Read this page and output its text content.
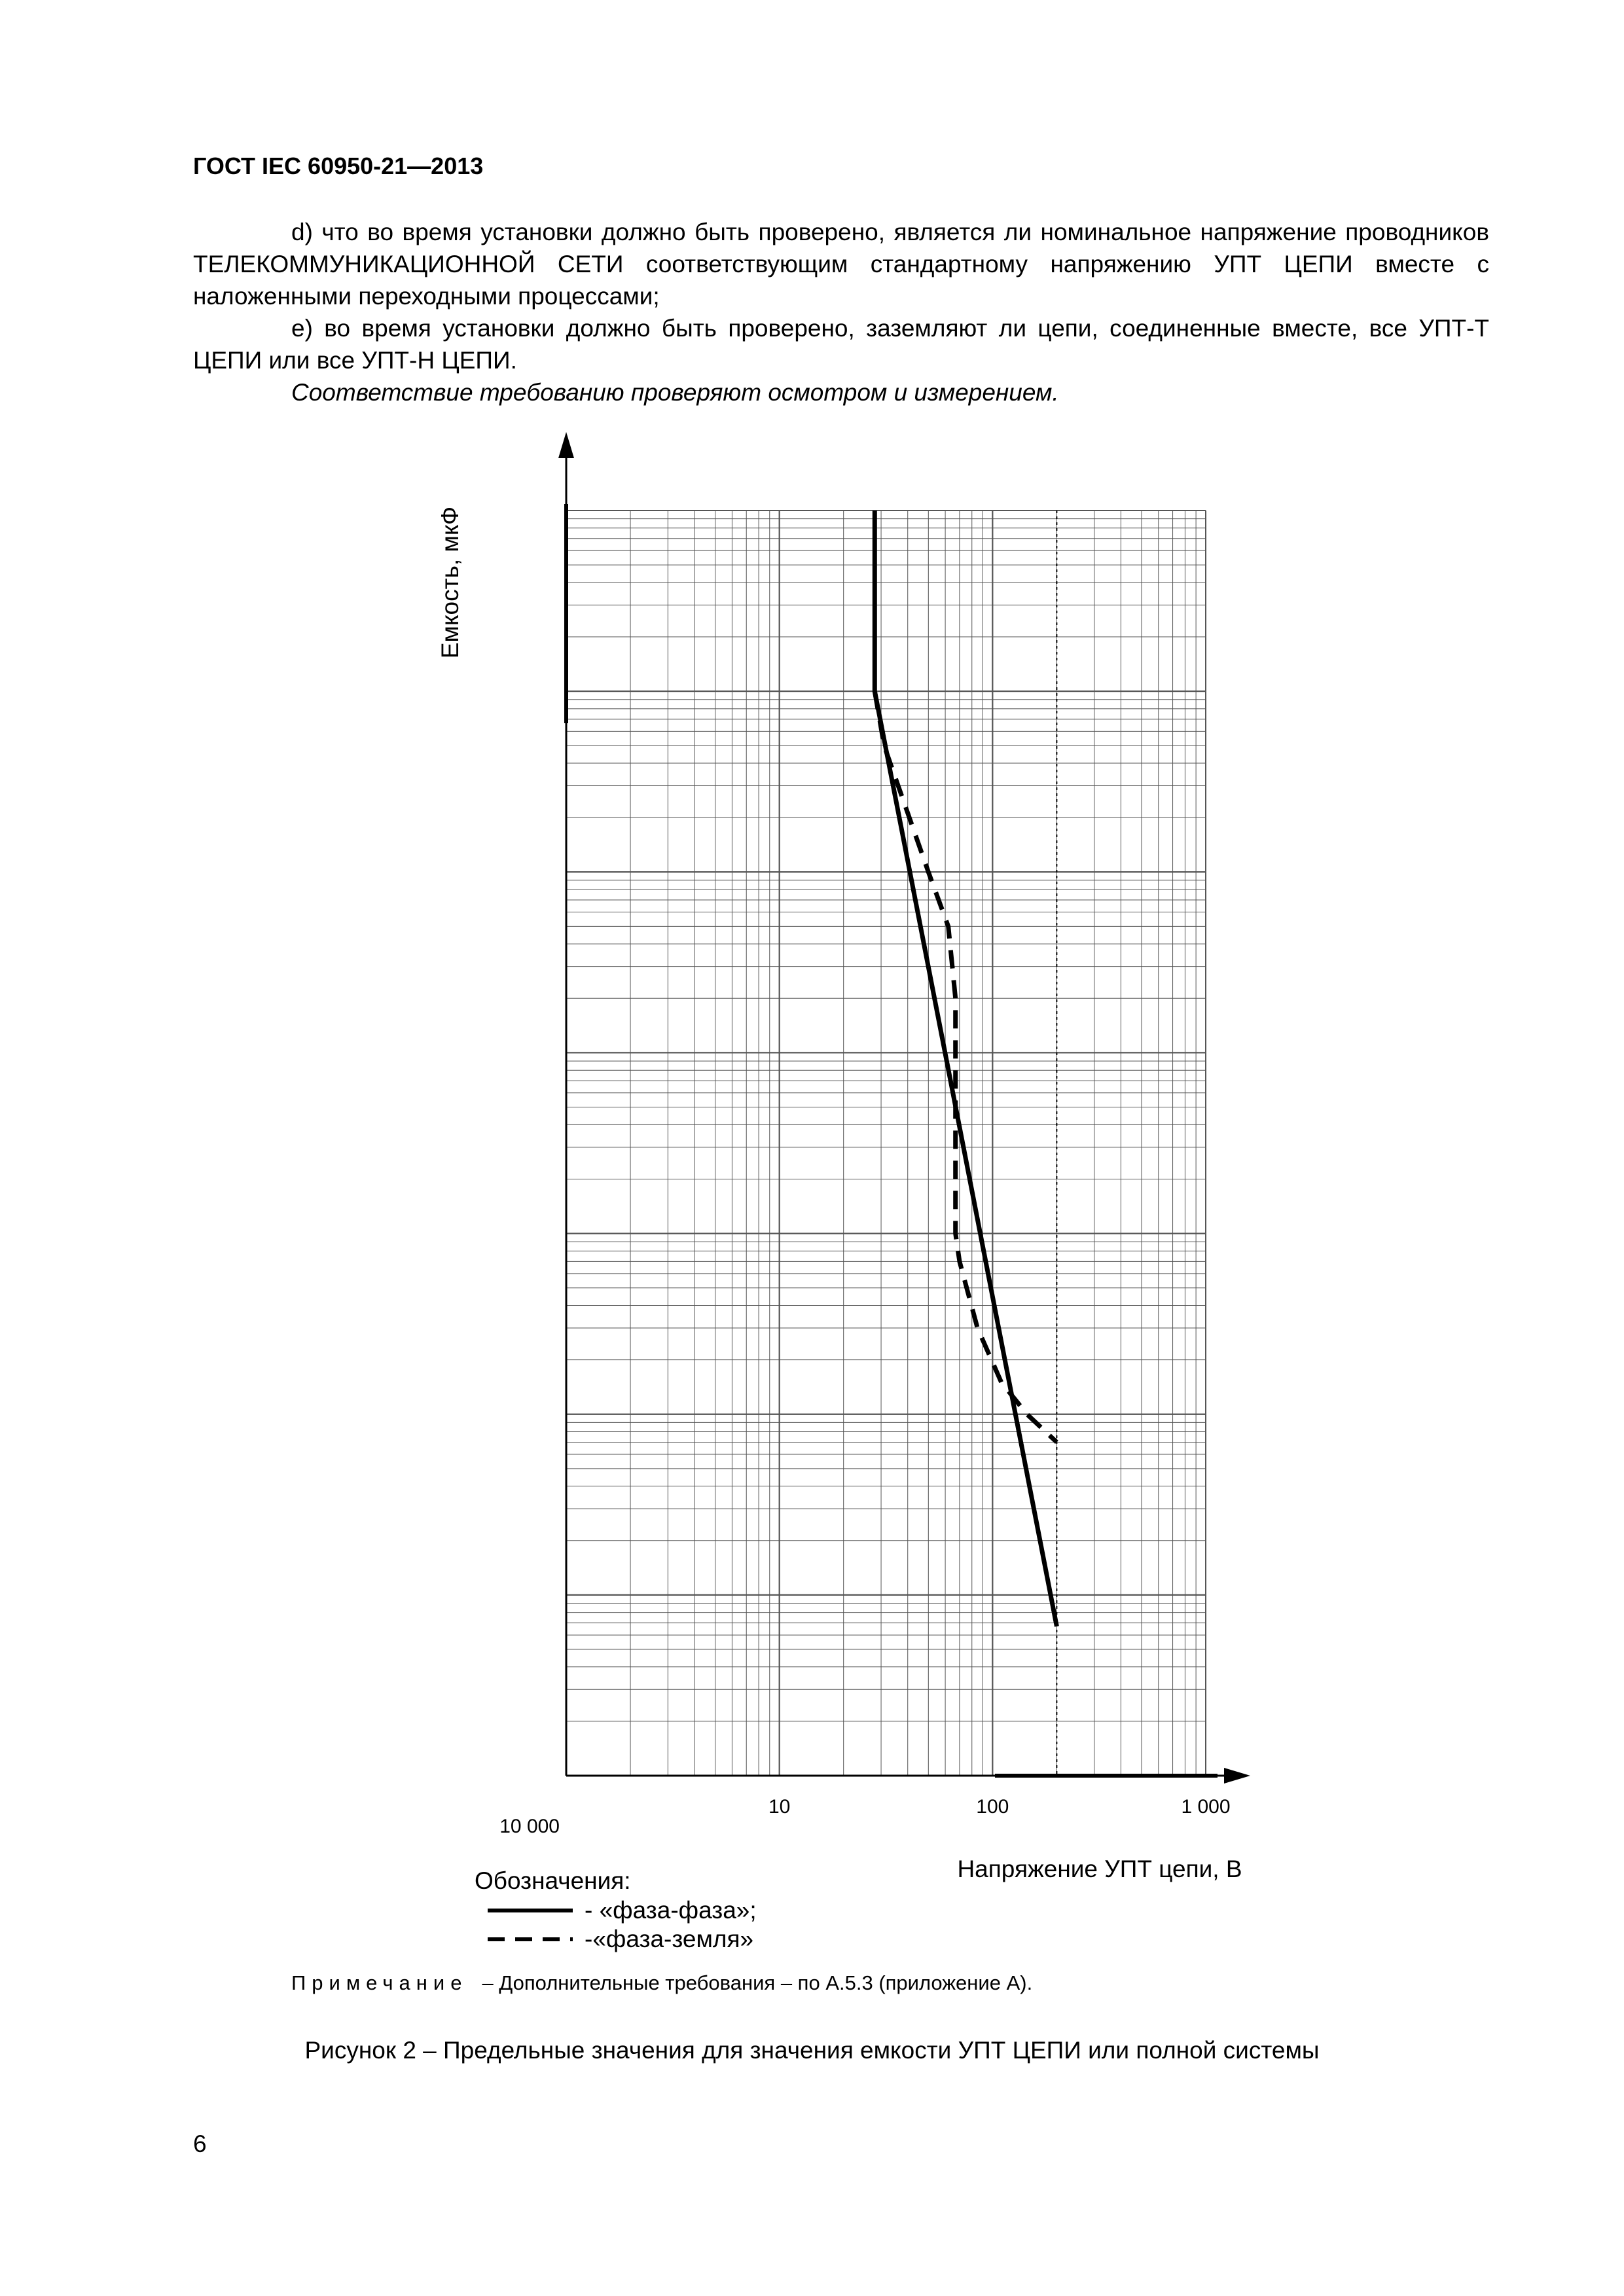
ГОСТ IEC 60950-21—2013
d) что во время установки должно быть проверено, является ли номинальное напряжение проводников ТЕЛЕКОММУНИКАЦИОННОЙ СЕТИ соответствующим стандартному напряжению УПТ ЦЕПИ вместе с наложенными переходными процессами;
е) во время установки должно быть проверено, заземляют ли цепи, соединенные вместе, все УПТ-Т ЦЕПИ или все УПТ-Н ЦЕПИ.
Соответствие требованию проверяют осмотром и измерением.
10	100	1 000
10 000
Напряжение УПТ цепи, В
Емкость, мкФ
Обозначения:
- «фаза-фаза»;
-«фаза-земля»
Примечание – Дополнительные требования – по А.5.3 (приложение А).
Рисунок 2 – Предельные значения для значения емкости УПТ ЦЕПИ или полной системы
6
